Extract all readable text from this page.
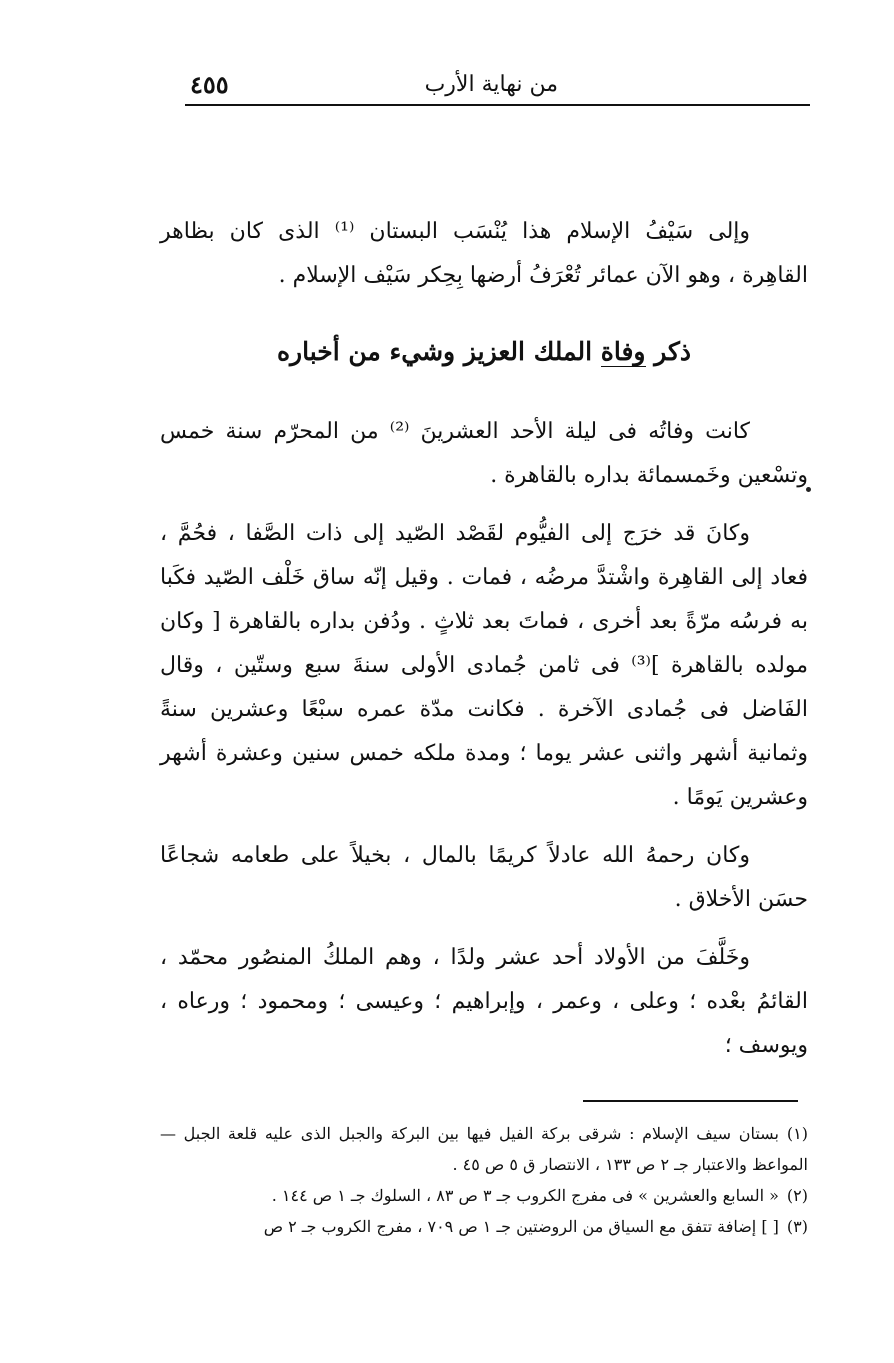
٤٥٥	من نهاية الأرب

وإلى سَيْفُ الإسلام هذا يُنْسَب البستان ⁽¹⁾ الذى كان بظاهر القاهِرة ، وهو الآن عمائر تُعْرَفُ أرضها بِحِكر سَيْف الإسلام .

ذكر وفاة الملك العزيز وشيء من أخباره

كانت وفاتُه فى ليلة الأحد العشرينَ ⁽²⁾ من المحرّم سنة خمس وتسْعين وخَمسمائة بداره بالقاهرة .

وكانَ قد خرَج إلى الفيُّوم لقَصْد الصّيد إلى ذات الصَّفا ، فحُمَّ ، فعاد إلى القاهِرة واشْتدَّ مرضُه ، فمات . وقيل إنّه ساق خَلْف الصّيد فكَبا به فرسُه مرّةً بعد أخرى ، فماتَ بعد ثلاثٍ . ودُفن بداره بالقاهرة [ وكان مولده بالقاهرة ]⁽³⁾ فى ثامن جُمادى الأولى سنةَ سبع وستّين ، وقال الفَاضل فى جُمادى الآخرة . فكانت مدّة عمره سبْعًا وعشرين سنةً وثمانية أشهر واثنى عشر يوما ؛ ومدة ملكه خمس سنين وعشرة أشهر وعشرين يَومًا .

وكان رحمهُ الله عادلاً كريمًا بالمال ، بخيلاً على طعامه شجاعًا حسَن الأخلاق .

وخَلَّفَ من الأولاد أحد عشر ولدًا ، وهم الملكُ المنصُور محمّد ، القائمُ بعْده ؛ وعلى ، وعمر ، وإبراهيم ؛ وعيسى ؛ ومحمود ؛ ورعاه ، ويوسف ؛

(١)بستان سيف الإسلام : شرقى بركة الفيل فيها بين البركة والجبل الذى عليه قلعة الجبل — المواعظ والاعتبار جـ ٢ ص ١٣٣ ، الانتصار ق ٥ ص ٤٥ .

(٢)« السابع والعشرين » فى مفرج الكروب جـ ٣ ص ٨٣ ، السلوك جـ ١ ص ١٤٤ .

(٣)[ ] إضافة تتفق مع السياق من الروضتين جـ ١ ص ٧٠٩ ، مفرج الكروب جـ ٢ ص
